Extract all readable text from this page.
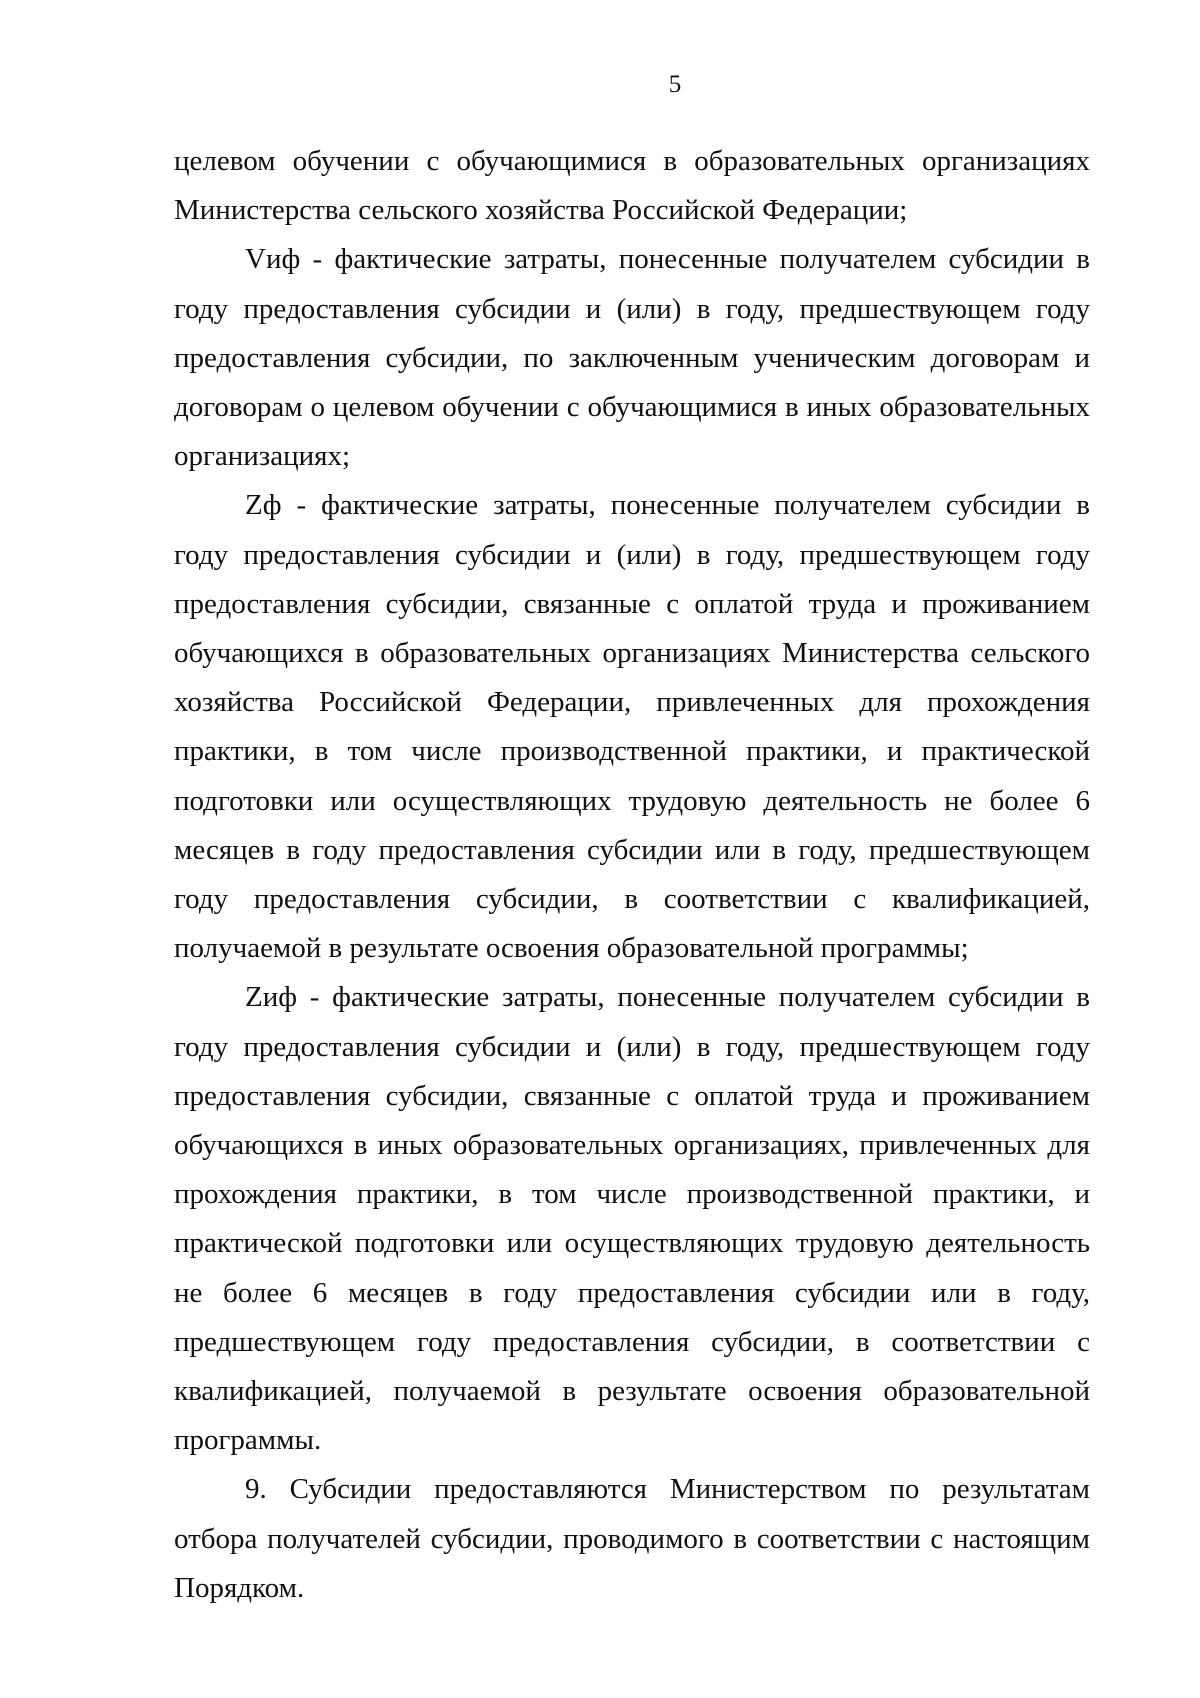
5

целевом обучении с обучающимися в образовательных организациях Министерства сельского хозяйства Российской Федерации;

Vиф - фактические затраты, понесенные получателем субсидии в году предоставления субсидии и (или) в году, предшествующем году предоставления субсидии, по заключенным ученическим договорам и договорам о целевом обучении с обучающимися в иных образовательных организациях;

Zф - фактические затраты, понесенные получателем субсидии в году предоставления субсидии и (или) в году, предшествующем году предоставления субсидии, связанные с оплатой труда и проживанием обучающихся в образовательных организациях Министерства сельского хозяйства Российской Федерации, привлеченных для прохождения практики, в том числе производственной практики, и практической подготовки или осуществляющих трудовую деятельность не более 6 месяцев в году предоставления субсидии или в году, предшествующем году предоставления субсидии, в соответствии с квалификацией, получаемой в результате освоения образовательной программы;

Zиф - фактические затраты, понесенные получателем субсидии в году предоставления субсидии и (или) в году, предшествующем году предоставления субсидии, связанные с оплатой труда и проживанием обучающихся в иных образовательных организациях, привлеченных для прохождения практики, в том числе производственной практики, и практической подготовки или осуществляющих трудовую деятельность не более 6 месяцев в году предоставления субсидии или в году, предшествующем году предоставления субсидии, в соответствии с квалификацией, получаемой в результате освоения образовательной программы.

9. Субсидии предоставляются Министерством по результатам отбора получателей субсидии, проводимого в соответствии с настоящим Порядком.
